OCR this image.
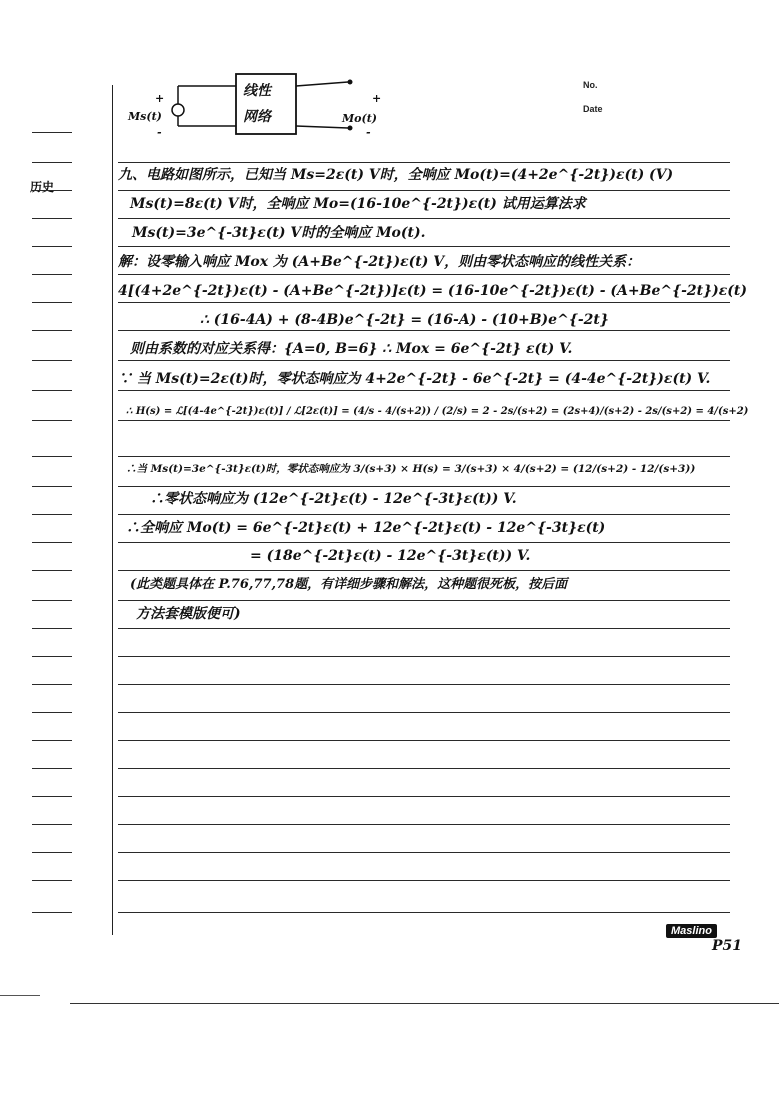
No.
Date
Ms(t)
+
-
线性
网络
+
Mo(t)
-
历史
九、电路如图所示，已知当 Ms=2ε(t) V时，全响应 Mo(t)=(4+2e^{-2t})ε(t) (V)
Ms(t)=8ε(t) V时，全响应 Mo=(16-10e^{-2t})ε(t) 试用运算法求
Ms(t)=3e^{-3t}ε(t) V时的全响应 Mo(t).
解：设零输入响应 Mox 为 (A+Be^{-2t})ε(t) V，则由零状态响应的线性关系：
4[(4+2e^{-2t})ε(t) - (A+Be^{-2t})]ε(t) = (16-10e^{-2t})ε(t) - (A+Be^{-2t})ε(t)
∴ (16-4A) + (8-4B)e^{-2t} = (16-A) - (10+B)e^{-2t}
则由系数的对应关系得：{A=0, B=6} ∴ Mox = 6e^{-2t} ε(t) V.
∵ 当 Ms(t)=2ε(t)时，零状态响应为 4+2e^{-2t} - 6e^{-2t} = (4-4e^{-2t})ε(t) V.
∴ H(s) = ℒ[(4-4e^{-2t})ε(t)] / ℒ[2ε(t)] = (4/s - 4/(s+2)) / (2/s) = 2 - 2s/(s+2) = (2s+4)/(s+2) - 2s/(s+2) = 4/(s+2)
∴当 Ms(t)=3e^{-3t}ε(t)时，零状态响应为 3/(s+3) × H(s) = 3/(s+3) × 4/(s+2) = (12/(s+2) - 12/(s+3))
∴零状态响应为 (12e^{-2t}ε(t) - 12e^{-3t}ε(t)) V.
∴全响应 Mo(t) = 6e^{-2t}ε(t) + 12e^{-2t}ε(t) - 12e^{-3t}ε(t)
= (18e^{-2t}ε(t) - 12e^{-3t}ε(t)) V.
(此类题具体在 P.76,77,78题，有详细步骤和解法，这种题很死板，按后面
方法套模版便可)
Maslino
P51
